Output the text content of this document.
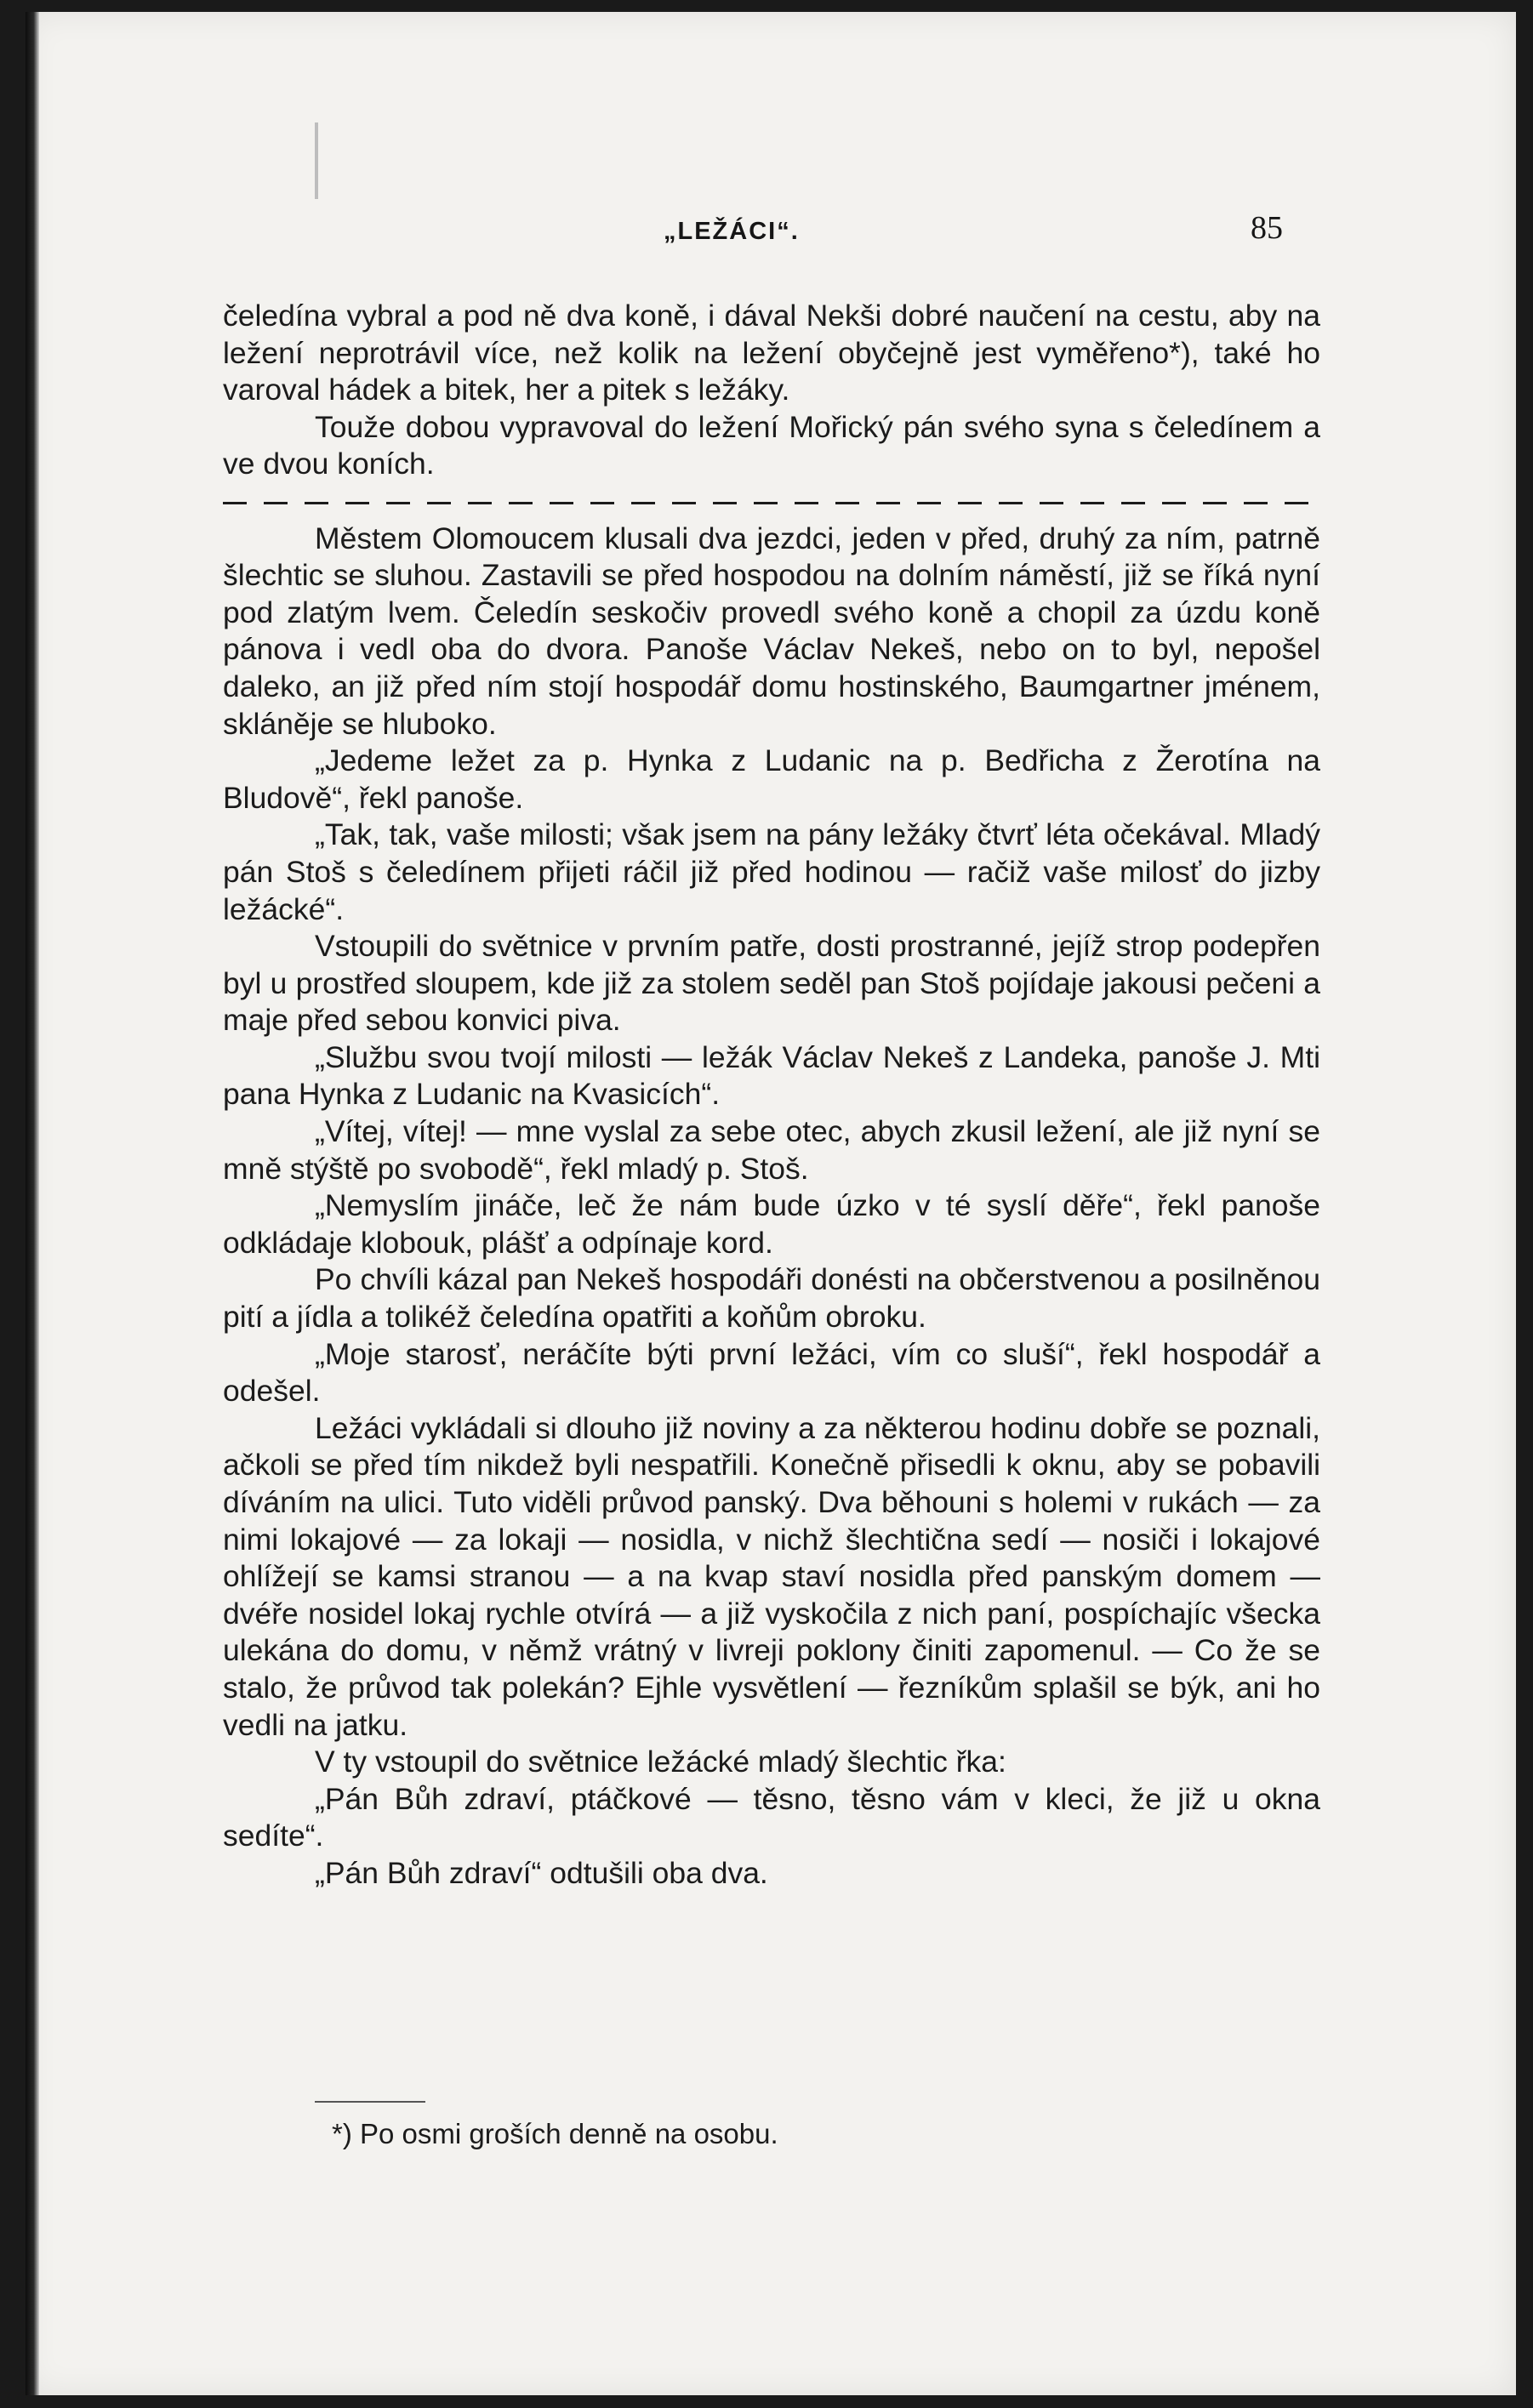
„LEŽÁCI“.	85

čeledína vybral a pod ně dva koně, i dával Nekši dobré naučení na cestu, aby na ležení neprotrávil více, než kolik na ležení obyčejně jest vyměřeno*), také ho varoval hádek a bitek, her a pitek s ležáky.

Touže dobou vypravoval do ležení Mořický pán svého syna s čeledínem a ve dvou koních.

Městem Olomoucem klusali dva jezdci, jeden v před, druhý za ním, patrně šlechtic se sluhou. Zastavili se před hospodou na dolním náměstí, již se říká nyní pod zlatým lvem. Čeledín seskočiv provedl svého koně a chopil za úzdu koně pánova i vedl oba do dvora. Panoše Václav Nekeš, nebo on to byl, nepošel daleko, an již před ním stojí hospodář domu hostinského, Baumgartner jménem, skláněje se hluboko.

„Jedeme ležet za p. Hynka z Ludanic na p. Bedřicha z Žerotína na Bludově“, řekl panoše.

„Tak, tak, vaše milosti; však jsem na pány ležáky čtvrť léta očekával. Mladý pán Stoš s čeledínem přijeti ráčil již před hodinou — račiž vaše milosť do jizby ležácké“.

Vstoupili do světnice v prvním patře, dosti prostranné, jejíž strop podepřen byl u prostřed sloupem, kde již za stolem seděl pan Stoš pojídaje jakousi pečeni a maje před sebou konvici piva.

„Službu svou tvojí milosti — ležák Václav Nekeš z Landeka, panoše J. Mti pana Hynka z Ludanic na Kvasicích“.

„Vítej, vítej! — mne vyslal za sebe otec, abych zkusil ležení, ale již nyní se mně stýště po svobodě“, řekl mladý p. Stoš.

„Nemyslím jináče, leč že nám bude úzko v té syslí děře“, řekl panoše odkládaje klobouk, plášť a odpínaje kord.

Po chvíli kázal pan Nekeš hospodáři donésti na občerstvenou a posilněnou pití a jídla a tolikéž čeledína opatřiti a koňům obroku.

„Moje starosť, neráčíte býti první ležáci, vím co sluší“, řekl hospodář a odešel.

Ležáci vykládali si dlouho již noviny a za některou hodinu dobře se poznali, ačkoli se před tím nikdež byli nespatřili. Konečně přisedli k oknu, aby se pobavili díváním na ulici. Tuto viděli průvod panský. Dva běhouni s holemi v rukách — za nimi lokajové — za lokaji — nosidla, v nichž šlechtična sedí — nosiči i lokajové ohlížejí se kamsi stranou — a na kvap staví nosidla před panským domem — dvéře nosidel lokaj rychle otvírá — a již vyskočila z nich paní, pospíchajíc všecka ulekána do domu, v němž vrátný v livreji poklony činiti zapomenul. — Co že se stalo, že průvod tak polekán? Ejhle vysvětlení — řezníkům splašil se býk, ani ho vedli na jatku.

V ty vstoupil do světnice ležácké mladý šlechtic řka:

„Pán Bůh zdraví, ptáčkové — těsno, těsno vám v kleci, že již u okna sedíte“.

„Pán Bůh zdraví“ odtušili oba dva.

*) Po osmi groších denně na osobu.
